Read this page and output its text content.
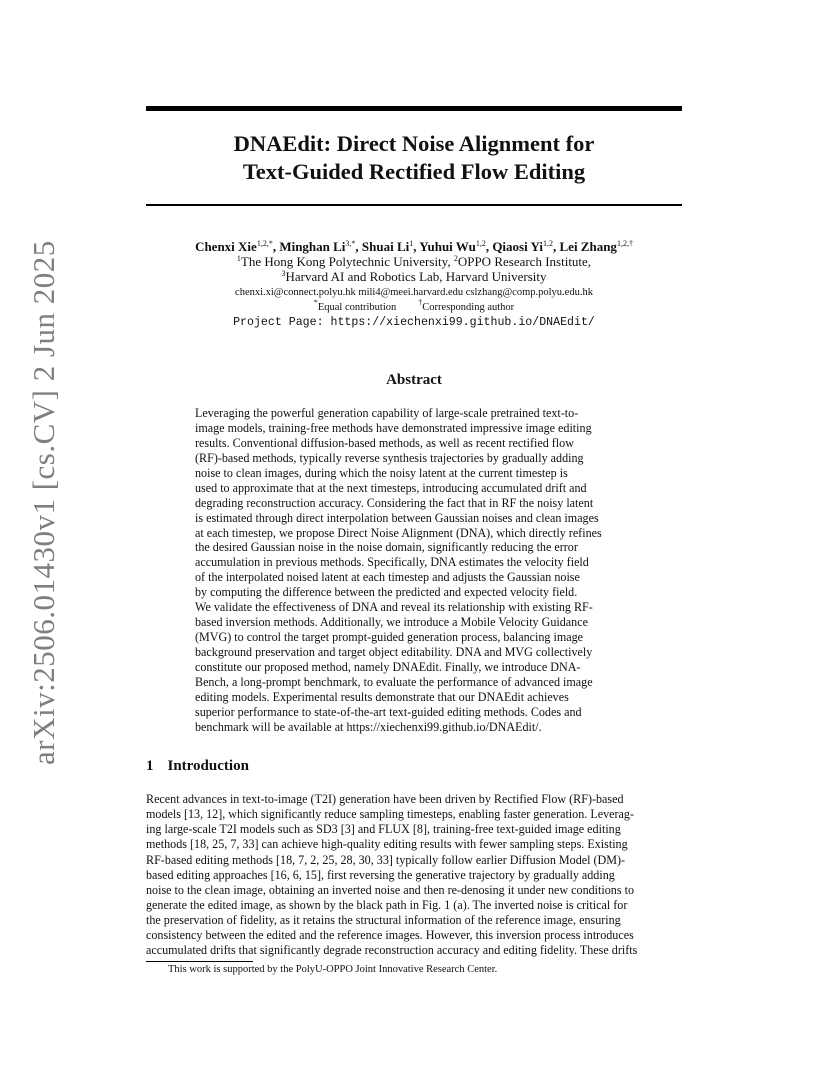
arXiv:2506.01430v1 [cs.CV] 2 Jun 2025
DNAEdit: Direct Noise Alignment for
Text-Guided Rectified Flow Editing
Chenxi Xie$^{1,2,*}$, Minghan $Li^{3,*}$, Shuai Li$^1$, Yuhui Wu$^{1,2}$, Qiaosi Yi$^{1,2}$, Lei Zhang$^{1,2,\dagger}$
$^1$The Hong Kong Polytechnic University, $^2$OPPO Research Institute,
$^3$Harvard AI and Robotics Lab, Harvard University
chenxi.xi@connect.polyu.hk mili4@meei.harvard.edu cslzhang@comp.polyu.edu.hk
*Equal contribution	†Corresponding author
Project Page: https://xiechenxi99.github.io/DNAEdit/
Abstract
Leveraging the powerful generation capability of large-scale pretrained text-to-
image models, training-free methods have demonstrated impressive image editing
results. Conventional diffusion-based methods, as well as recent rectified flow
(RF)-based methods, typically reverse synthesis trajectories by gradually adding
noise to clean images, during which the noisy latent at the current timestep is
used to approximate that at the next timesteps, introducing accumulated drift and
degrading reconstruction accuracy. Considering the fact that in RF the noisy latent
is estimated through direct interpolation between Gaussian noises and clean images
at each timestep, we propose Direct Noise Alignment (DNA), which directly refines
the desired Gaussian noise in the noise domain, significantly reducing the error
accumulation in previous methods. Specifically, DNA estimates the velocity field
of the interpolated noised latent at each timestep and adjusts the Gaussian noise
by computing the difference between the predicted and expected velocity field.
We validate the effectiveness of DNA and reveal its relationship with existing RF-
based inversion methods. Additionally, we introduce a Mobile Velocity Guidance
(MVG) to control the target prompt-guided generation process, balancing image
background preservation and target object editability. DNA and MVG collectively
constitute our proposed method, namely DNAEdit. Finally, we introduce DNA-
Bench, a long-prompt benchmark, to evaluate the performance of advanced image
editing models. Experimental results demonstrate that our DNAEdit achieves
superior performance to state-of-the-art text-guided editing methods. Codes and
benchmark will be available at https://xiechenxi99.github.io/DNAEdit/.
1 Introduction
Recent advances in text-to-image (T2I) generation have been driven by Rectified Flow (RF)-based
models [13, 12], which significantly reduce sampling timesteps, enabling faster generation. Leverag-
ing large-scale T2I models such as SD3 [3] and FLUX [8], training-free text-guided image editing
methods [18, 25, 7, 33] can achieve high-quality editing results with fewer sampling steps. Existing
RF-based editing methods [18, 7, 2, 25, 28, 30, 33] typically follow earlier Diffusion Model (DM)-
based editing approaches [16, 6, 15], first reversing the generative trajectory by gradually adding
noise to the clean image, obtaining an inverted noise and then re-denosing it under new conditions to
generate the edited image, as shown by the black path in Fig. 1 (a). The inverted noise is critical for
the preservation of fidelity, as it retains the structural information of the reference image, ensuring
consistency between the edited and the reference images. However, this inversion process introduces
accumulated drifts that significantly degrade reconstruction accuracy and editing fidelity. These drifts
This work is supported by the PolyU-OPPO Joint Innovative Research Center.
